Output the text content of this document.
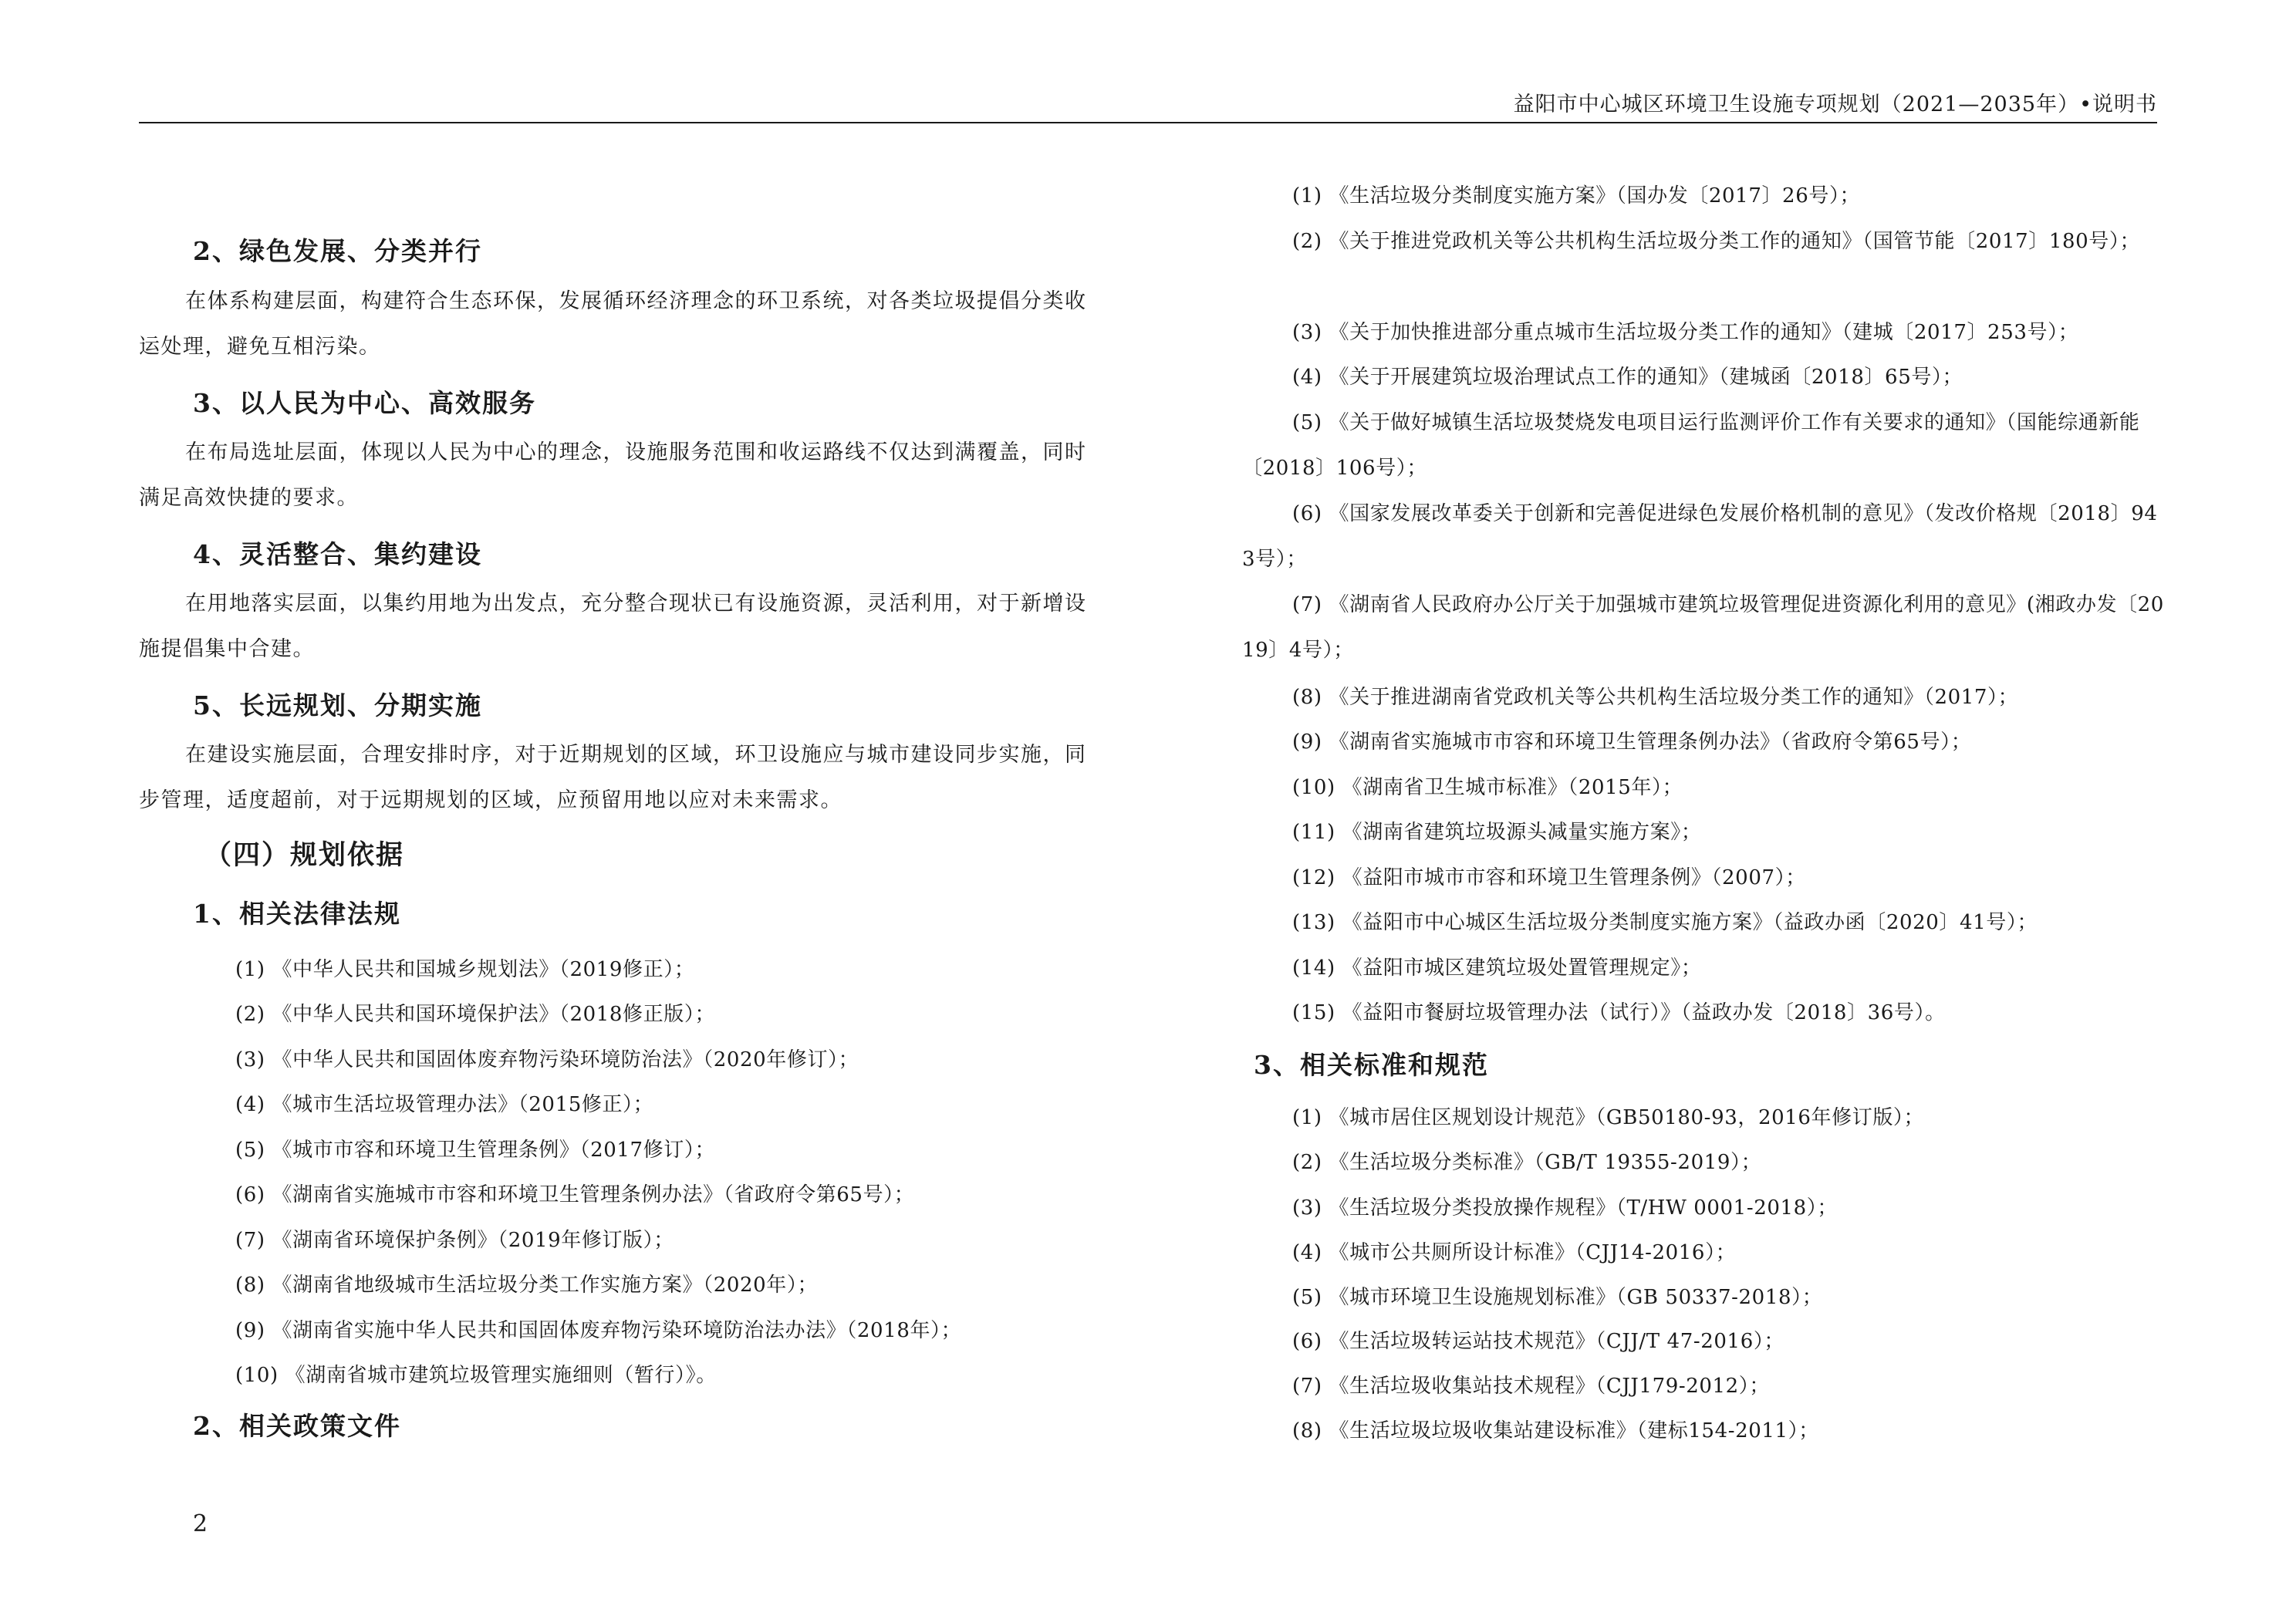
益阳市中心城区环境卫生设施专项规划（2021—2035年）•说明书
2、绿色发展、分类并行
在体系构建层面，构建符合生态环保，发展循环经济理念的环卫系统，对各类垃圾提倡分类收运处理，避免互相污染。
3、以人民为中心、高效服务
在布局选址层面，体现以人民为中心的理念，设施服务范围和收运路线不仅达到满覆盖，同时满足高效快捷的要求。
4、灵活整合、集约建设
在用地落实层面，以集约用地为出发点，充分整合现状已有设施资源，灵活利用，对于新增设施提倡集中合建。
5、长远规划、分期实施
在建设实施层面，合理安排时序，对于近期规划的区域，环卫设施应与城市建设同步实施，同步管理，适度超前，对于远期规划的区域，应预留用地以应对未来需求。
（四）规划依据
1、相关法律法规
(1) 《中华人民共和国城乡规划法》（2019修正）；
(2) 《中华人民共和国环境保护法》（2018修正版）；
(3) 《中华人民共和国固体废弃物污染环境防治法》（2020年修订）；
(4) 《城市生活垃圾管理办法》（2015修正）；
(5) 《城市市容和环境卫生管理条例》（2017修订）；
(6) 《湖南省实施城市市容和环境卫生管理条例办法》（省政府令第65号）；
(7) 《湖南省环境保护条例》（2019年修订版）；
(8) 《湖南省地级城市生活垃圾分类工作实施方案》（2020年）；
(9) 《湖南省实施中华人民共和国固体废弃物污染环境防治法办法》（2018年）；
(10) 《湖南省城市建筑垃圾管理实施细则（暂行）》。
2、相关政策文件
(1) 《生活垃圾分类制度实施方案》（国办发〔2017〕26号）；
(2) 《关于推进党政机关等公共机构生活垃圾分类工作的通知》（国管节能〔2017〕180号）；
(3) 《关于加快推进部分重点城市生活垃圾分类工作的通知》（建城〔2017〕253号）；
(4) 《关于开展建筑垃圾治理试点工作的通知》（建城函〔2018〕65号）；
(5) 《关于做好城镇生活垃圾焚烧发电项目运行监测评价工作有关要求的通知》（国能综通新能〔2018〕106号）；
(6) 《国家发展改革委关于创新和完善促进绿色发展价格机制的意见》（发改价格规〔2018〕943号）；
(7) 《湖南省人民政府办公厅关于加强城市建筑垃圾管理促进资源化利用的意见》(湘政办发〔2019〕4号）；
(8) 《关于推进湖南省党政机关等公共机构生活垃圾分类工作的通知》（2017）；
(9) 《湖南省实施城市市容和环境卫生管理条例办法》（省政府令第65号）；
(10) 《湖南省卫生城市标准》（2015年）；
(11) 《湖南省建筑垃圾源头减量实施方案》；
(12) 《益阳市城市市容和环境卫生管理条例》（2007）；
(13) 《益阳市中心城区生活垃圾分类制度实施方案》（益政办函〔2020〕41号）；
(14) 《益阳市城区建筑垃圾处置管理规定》；
(15) 《益阳市餐厨垃圾管理办法（试行）》（益政办发〔2018〕36号）。
3、相关标准和规范
(1) 《城市居住区规划设计规范》（GB50180-93，2016年修订版）；
(2) 《生活垃圾分类标准》（GB/T 19355-2019）；
(3) 《生活垃圾分类投放操作规程》（T/HW 0001-2018）；
(4) 《城市公共厕所设计标准》（CJJ14-2016）；
(5) 《城市环境卫生设施规划标准》（GB 50337-2018）；
(6) 《生活垃圾转运站技术规范》（CJJ/T 47-2016）；
(7) 《生活垃圾收集站技术规程》（CJJ179-2012）；
(8) 《生活垃圾垃圾收集站建设标准》（建标154-2011）；
2
